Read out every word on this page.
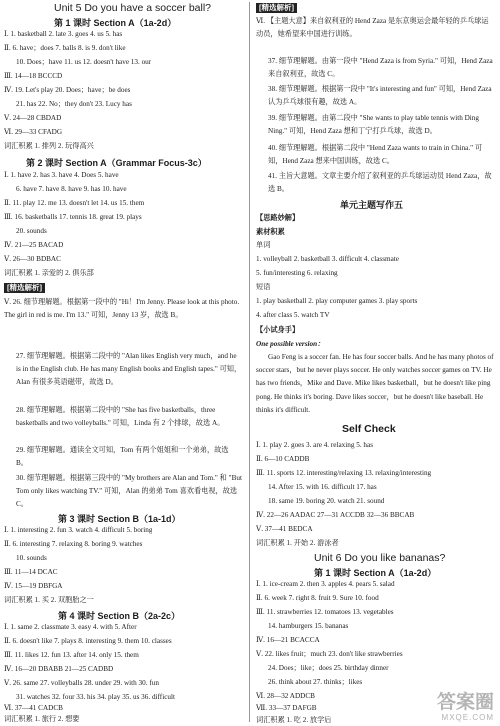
Unit 5 Do you have a soccer ball?
第 1 课时 Section A（1a-2d）
Ⅰ. 1. basketball 2. late 3. goes 4. us 5. has
Ⅱ. 6. have；does 7. balls 8. is 9. don't like
10. Does；have 11. us 12. doesn't have 13. our
Ⅲ. 14—18 BCCCD
Ⅳ. 19. Let's play 20. Does；have；be does
21. has 22. No；they don't 23. Lucy has
Ⅴ. 24—28 CBDAD
Ⅵ. 29—33 CFADG
词汇积累 1. 排列 2. 玩得高兴
第 2 课时 Section A（Grammar Focus-3c）
Ⅰ. 1. have 2. has 3. have 4. Does 5. have
6. have 7. have 8. have 9. has 10. have
Ⅱ. 11. play 12. me 13. doesn't let 14. us 15. them
Ⅲ. 16. basketballs 17. tennis 18. great 19. plays
20. sounds
Ⅳ. 21—25 BACAD
Ⅴ. 26—30 BDBAC
词汇积累 1. 亲爱的 2. 俱乐部
[精选解析]
Ⅴ. 26. 细节理解题。根据第一段中的 "Hi！I'm Jenny. Please look at this photo. The girl in red is me. I'm 13." 可知，Jenny 13 岁，故选 B。
27. 细节理解题。根据第二段中的 "Alan likes English very much，and he is in the English club. He has many English books and English tapes." 可知，Alan 有很多英语磁带，故选 D。
28. 细节理解题。根据第二段中的 "She has five basketballs，three basketballs and two volleyballs." 可知，Linda 有 2 个排球，故选 A。
29. 细节理解题。通读全文可知，Tom 有两个姐姐和一个弟弟，故选 B。
30. 细节理解题。根据第三段中的 "My brothers are Alan and Tom." 和 "But Tom only likes watching TV." 可知，Alan 的弟弟 Tom 喜欢看电视，故选 C。
第 3 课时 Section B（1a-1d）
Ⅰ. 1. interesting 2. fun 3. watch 4. difficult 5. boring
Ⅱ. 6. interesting 7. relaxing 8. boring 9. watches
10. sounds
Ⅲ. 11—14 DCAC
Ⅳ. 15—19 DBFGA
词汇积累 1. 买 2. 双胞胎之一
第 4 课时 Section B（2a-2c）
Ⅰ. 1. same 2. classmate 3. easy 4. with 5. After
Ⅱ. 6. doesn't like 7. plays 8. interesting 9. them 10. classes
Ⅲ. 11. likes 12. fun 13. after 14. only 15. them
Ⅳ. 16—20 DBABB 21—25 CADBD
Ⅴ. 26. same 27. volleyballs 28. under 29. with 30. fun
31. watches 32. four 33. his 34. play 35. us 36. difficult
Ⅵ. 37—41 CADCB
词汇积累 1. 旅行 2. 想要
[精选解析]
Ⅵ. 【主题大意】来自叙利亚的 Hend Zaza 是东京奥运会最年轻的乒乓球运动员，她希望来中国进行训练。
37. 细节理解题。由第一段中 "Hend Zaza is from Syria." 可知，Hend Zaza 来自叙利亚，故选 C。
38. 细节理解题。根据第一段中 "It's interesting and fun" 可知，Hend Zaza 认为乒乓球很有趣，故选 A。
39. 细节理解题。由第二段中 "She wants to play table tennis with Ding Ning." 可知，Hend Zaza 想和丁宁打乒乓球，故选 D。
40. 细节理解题。根据第二段中 "Hend Zaza wants to train in China." 可知，Hend Zaza 想来中国训练，故选 C。
41. 主旨大意题。文章主要介绍了叙利亚的乒乓球运动员 Hend Zaza，故选 B。
单元主题写作五
【思路妙解】
素材积累
单词
1. volleyball 2. basketball 3. difficult 4. classmate
5. fun/interesting 6. relaxing
短语
1. play basketball 2. play computer games 3. play sports
4. after class 5. watch TV
【小试身手】
One possible version：
Gao Feng is a soccer fan. He has four soccer balls. And he has many photos of soccer stars，but he never plays soccer. He only watches soccer games on TV. He has two friends，Mike and Dave. Mike likes basketball，but he doesn't like ping pong. He thinks it's boring. Dave likes soccer，but he doesn't like baseball. He thinks it's difficult.
Self Check
Ⅰ. 1. play 2. goes 3. are 4. relaxing 5. has
Ⅱ. 6—10 CADDB
Ⅲ. 11. sports 12. interesting/relaxing 13. relaxing/interesting
14. After 15. with 16. difficult 17. has
18. same 19. boring 20. watch 21. sound
Ⅳ. 22—26 AADAC 27—31 ACCDB 32—36 BBCAB
Ⅴ. 37—41 BEDCA
词汇积累 1. 开始 2. 游泳者
Unit 6 Do you like bananas?
第 1 课时 Section A（1a-2d）
Ⅰ. 1. ice-cream 2. then 3. apples 4. pears 5. salad
Ⅱ. 6. week 7. right 8. fruit 9. Sure 10. food
Ⅲ. 11. strawberries 12. tomatoes 13. vegetables
14. hamburgers 15. bananas
Ⅳ. 16—21 BCACCA
Ⅴ. 22. likes fruit；much 23. don't like strawberries
24. Does；like；does 25. birthday dinner
26. think about 27. thinks；likes
Ⅵ. 28—32 ADDCB
Ⅶ. 33—37 DAFGB
词汇积累 1. 吃 2. 放学后
答案圈
MXQE.COM
